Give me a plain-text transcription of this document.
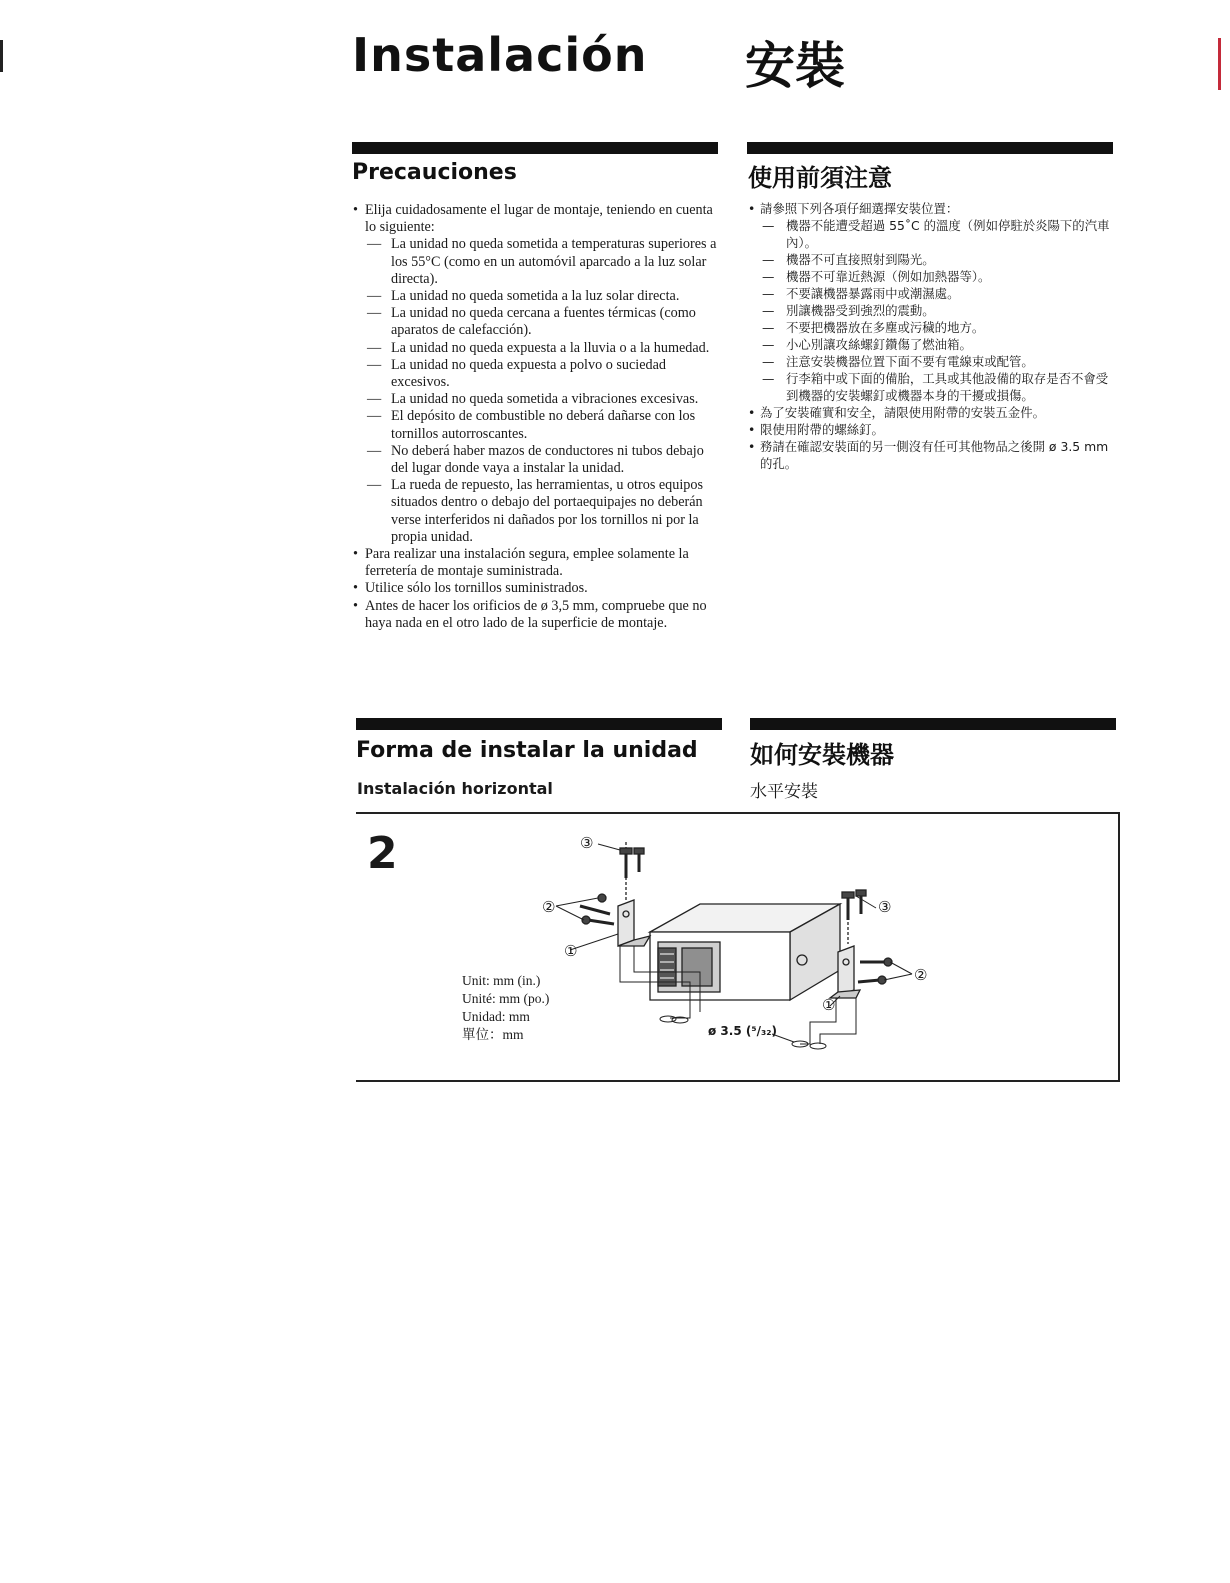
Instalación 安裝
Precauciones	使用前須注意
• Elija cuidadosamente el lugar de montaje, teniendo en cuenta lo siguiente:
— La unidad no queda sometida a temperaturas superiores a los 55°C (como en un automóvil aparcado a la luz solar directa).
— La unidad no queda sometida a la luz solar directa.
— La unidad no queda cercana a fuentes térmicas (como aparatos de calefacción).
— La unidad no queda expuesta a la lluvia o a la humedad.
— La unidad no queda expuesta a polvo o suciedad excesivos.
— La unidad no queda sometida a vibraciones excesivas.
— El depósito de combustible no deberá dañarse con los tornillos autorroscantes.
— No deberá haber mazos de conductores ni tubos debajo del lugar donde vaya a instalar la unidad.
— La rueda de repuesto, las herramientas, u otros equipos situados dentro o debajo del portaequipajes no deberán verse interferidos ni dañados por los tornillos ni por la propia unidad.
• Para realizar una instalación segura, emplee solamente la ferretería de montaje suministrada.
• Utilice sólo los tornillos suministrados.
• Antes de hacer los orificios de ø 3,5 mm, compruebe que no haya nada en el otro lado de la superficie de montaje.
• 請參照下列各項仔細選擇安裝位置：
— 機器不能遭受超過 55˚C 的溫度（例如停駐於炎陽下的汽車內）。
— 機器不可直接照射到陽光。
— 機器不可靠近熱源（例如加熱器等）。
— 不要讓機器暴露雨中或潮濕處。
— 別讓機器受到強烈的震動。
— 不要把機器放在多塵或污穢的地方。
— 小心別讓攻絲螺釘鑽傷了燃油箱。
— 注意安裝機器位置下面不要有電線束或配管。
— 行李箱中或下面的備胎，工具或其他設備的取存是否不會受到機器的安裝螺釘或機器本身的干擾或損傷。
• 為了安裝確實和安全，請限使用附帶的安裝五金件。
• 限使用附帶的螺絲釘。
• 務請在確認安裝面的另一側沒有任可其他物品之後開 ø 3.5 mm 的孔。
Forma de instalar la unidad 如何安裝機器
Instalación horizontal	水平安裝
2
Unit: mm (in.)
Unité: mm (po.)
Unidad: mm
單位：mm	ø 3.5 (⁵/₃₂)
③
②
①
③
②
①
